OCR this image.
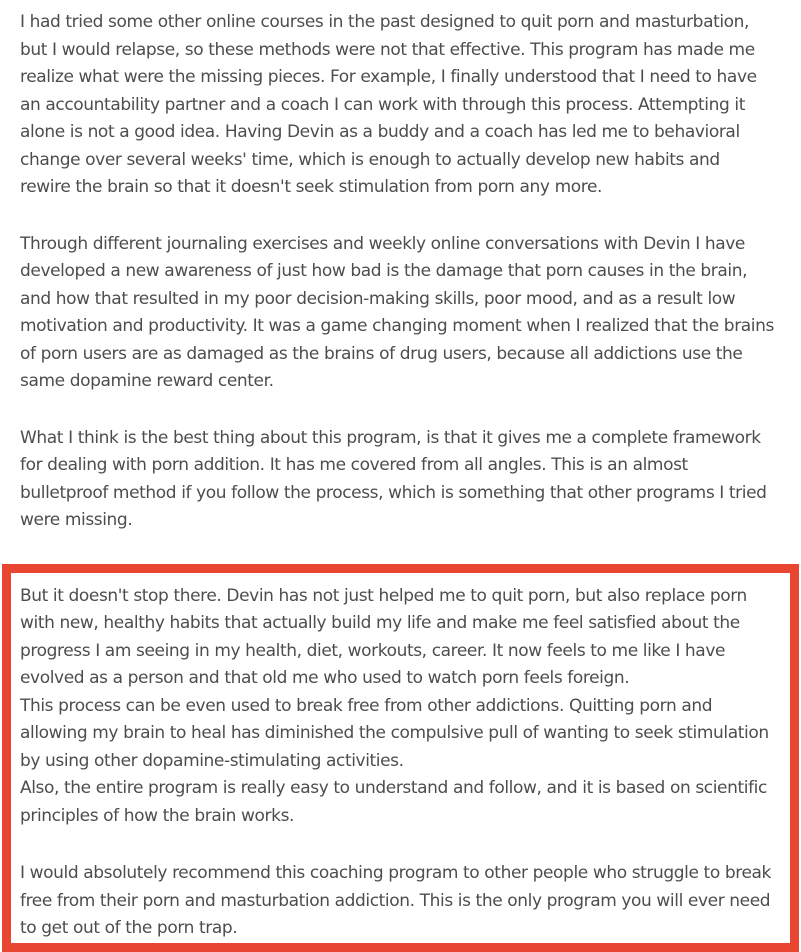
I had tried some other online courses in the past designed to quit porn and masturbation, but I would relapse, so these methods were not that effective. This program has made me realize what were the missing pieces. For example, I finally understood that I need to have an accountability partner and a coach I can work with through this process. Attempting it alone is not a good idea. Having Devin as a buddy and a coach has led me to behavioral change over several weeks' time, which is enough to actually develop new habits and rewire the brain so that it doesn't seek stimulation from porn any more.

Through different journaling exercises and weekly online conversations with Devin I have developed a new awareness of just how bad is the damage that porn causes in the brain, and how that resulted in my poor decision-making skills, poor mood, and as a result low motivation and productivity. It was a game changing moment when I realized that the brains of porn users are as damaged as the brains of drug users, because all addictions use the same dopamine reward center.

What I think is the best thing about this program, is that it gives me a complete framework for dealing with porn addition. It has me covered from all angles. This is an almost bulletproof method if you follow the process, which is something that other programs I tried were missing.

But it doesn't stop there. Devin has not just helped me to quit porn, but also replace porn with new, healthy habits that actually build my life and make me feel satisfied about the progress I am seeing in my health, diet, workouts, career. It now feels to me like I have evolved as a person and that old me who used to watch porn feels foreign.

This process can be even used to break free from other addictions. Quitting porn and allowing my brain to heal has diminished the compulsive pull of wanting to seek stimulation by using other dopamine-stimulating activities.

Also, the entire program is really easy to understand and follow, and it is based on scientific principles of how the brain works.

I would absolutely recommend this coaching program to other people who struggle to break free from their porn and masturbation addiction. This is the only program you will ever need to get out of the porn trap.
